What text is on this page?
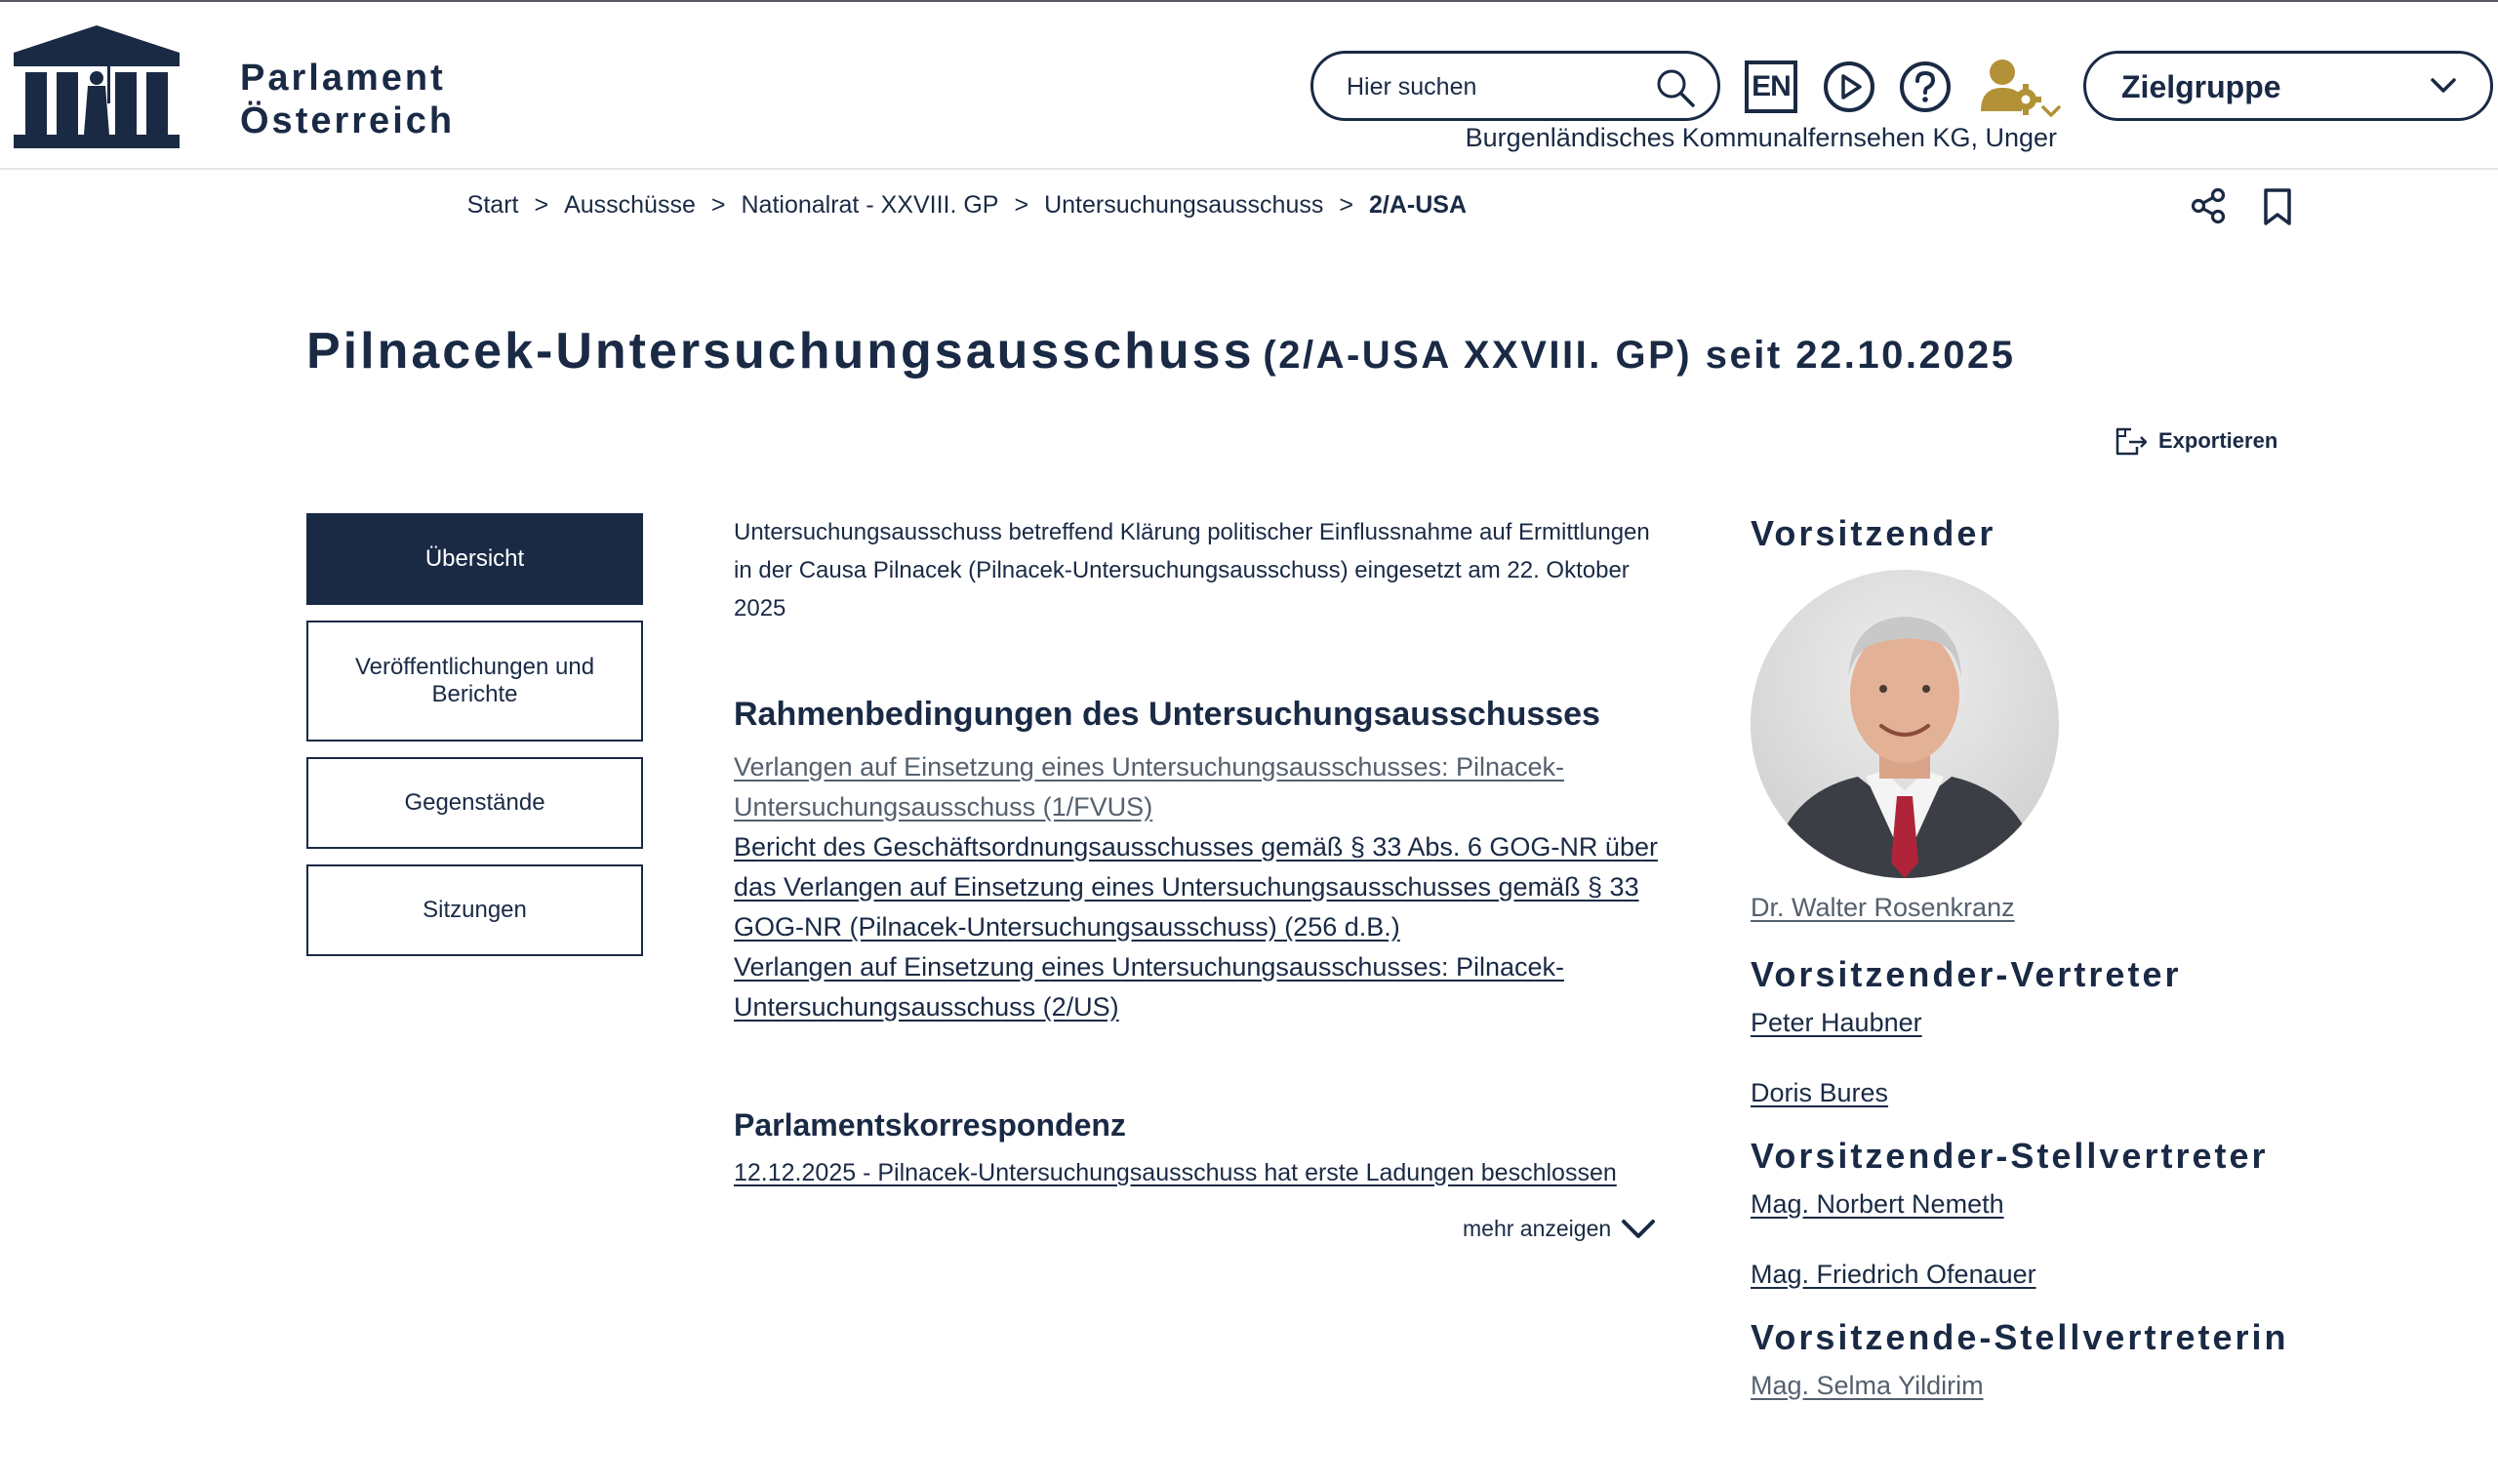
Parlament
Österreich
Hier suchen
EN	Zielgruppe
Burgenländisches Kommunalfernsehen KG, Unger
Start > Ausschüsse > Nationalrat - XXVIII. GP > Untersuchungsausschuss > 2/A-USA
Pilnacek-Untersuchungsausschuss (2/A-USA XXVIII. GP) seit 22.10.2025
Exportieren
Übersicht
Veröffentlichungen und Berichte
Gegenstände
Sitzungen

Untersuchungsausschuss betreffend Klärung politischer Einflussnahme auf Ermittlungen in der Causa Pilnacek (Pilnacek-Untersuchungsausschuss) eingesetzt am 22. Oktober 2025

Rahmenbedingungen des Untersuchungsausschusses
Verlangen auf Einsetzung eines Untersuchungsausschusses: Pilnacek-Untersuchungsausschuss (1/FVUS)
Bericht des Geschäftsordnungsausschusses gemäß § 33 Abs. 6 GOG-NR über das Verlangen auf Einsetzung eines Untersuchungsausschusses gemäß § 33 GOG-NR (Pilnacek-Untersuchungsausschuss) (256 d.B.)
Verlangen auf Einsetzung eines Untersuchungsausschusses: Pilnacek-Untersuchungsausschuss (2/US)
Parlamentskorrespondenz
12.12.2025 - Pilnacek-Untersuchungsausschuss hat erste Ladungen beschlossen
mehr anzeigen
Vorsitzender
Dr. Walter Rosenkranz
Vorsitzender-Vertreter
Peter Haubner
Doris Bures
Vorsitzender-Stellvertreter
Mag. Norbert Nemeth
Mag. Friedrich Ofenauer
Vorsitzende-Stellvertreterin
Mag. Selma Yildirim
